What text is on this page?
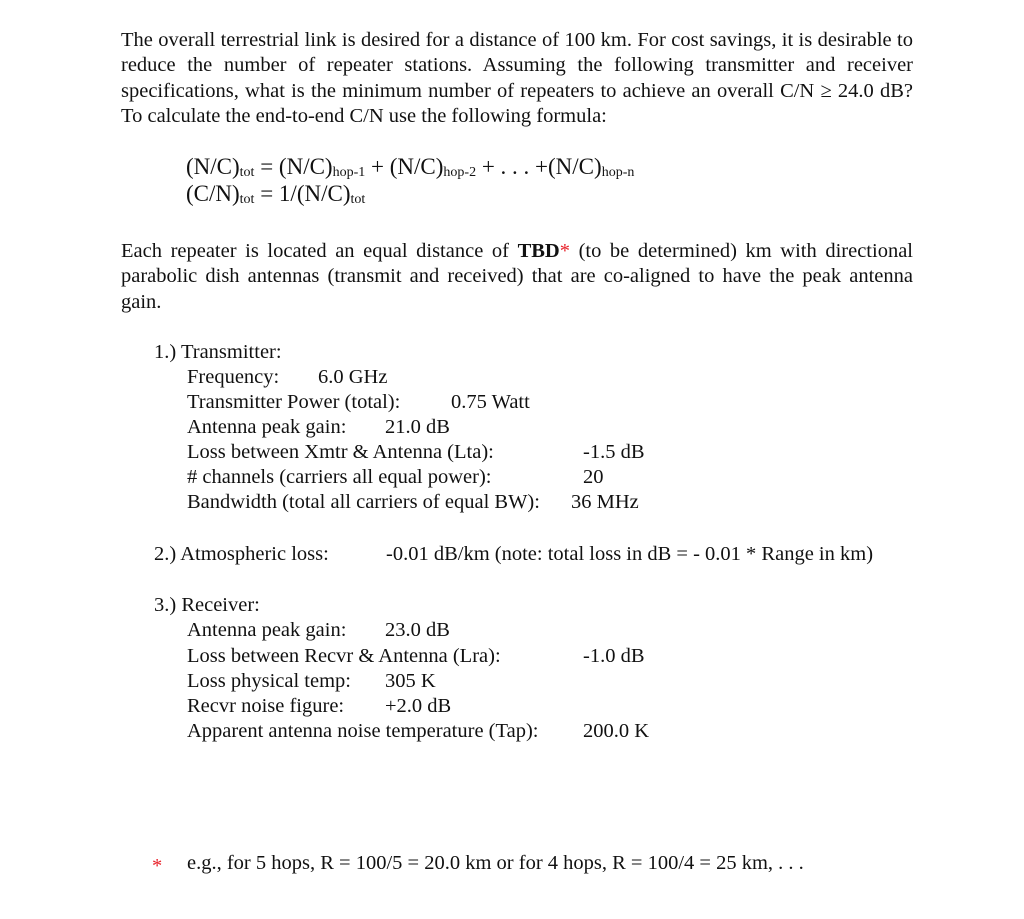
The overall terrestrial link is desired for a distance of 100 km. For cost savings, it is desirable to reduce the number of repeater stations. Assuming the following transmitter and receiver specifications, what is the minimum number of repeaters to achieve an overall C/N ≥ 24.0 dB? To calculate the end-to-end C/N use the following formula:
(N/C)tot = (N/C)hop-1 + (N/C)hop-2 + . . . +(N/C)hop-n
(C/N)tot = 1/(N/C)tot
Each repeater is located an equal distance of TBD* (to be determined) km with directional parabolic dish antennas (transmit and received) that are co-aligned to have the peak antenna gain.
1.) Transmitter:
Frequency: 6.0 GHz
Transmitter Power (total): 0.75 Watt
Antenna peak gain: 21.0 dB
Loss between Xmtr & Antenna (Lta):	-1.5 dB
# channels (carriers all equal power):	20
Bandwidth (total all carriers of equal BW): 36 MHz
2.) Atmospheric loss:	-0.01 dB/km (note: total loss in dB = - 0.01 * Range in km)
3.) Receiver:
Antenna peak gain: 23.0 dB
Loss between Recvr & Antenna (Lra):	-1.0 dB
Loss physical temp: 305 K
Recvr noise figure: +2.0 dB
Apparent antenna noise temperature (Tap): 200.0 K
* e.g., for 5 hops, R = 100/5 = 20.0 km or for 4 hops, R = 100/4 = 25 km, . . .
